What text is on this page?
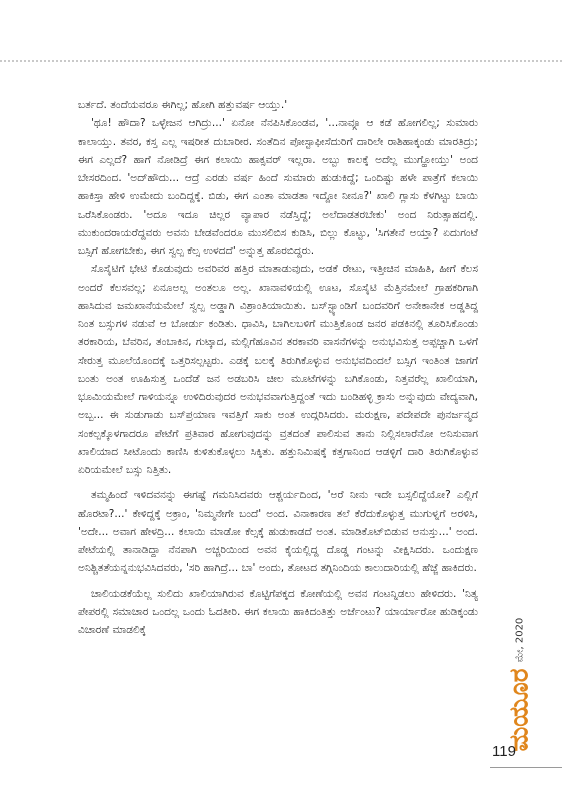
ಬರ್ತದೆ. ತಂದೆಯವರೂ ಈಗಿಲ್ಲ; ಹೋಗಿ ಹತ್ತುವರ್ಷ ಆಯ್ತು.'

'ಥೂ! ಹೌದಾ? ಒಳ್ಳೇಜನ ಆಗಿದ್ರು...' ಏನೋ ನೆನಪಿಸಿಕೊಂಡವ, '...ನಾವ್ಗೂ ಆ ಕಡೆ ಹೋಗಲಿಲ್ಲ; ಸುಮಾರು ಕಾಲಾಯ್ತು. ತವರ, ಕಸ್ತ ಎಲ್ಲ ಇಷರೀತ ದುಬಾರೀರ. ಸಂತೆದಿನ ಪೋಸ್ಟಾಫೀಸೆದುರಿಗೆ ದಾರಿಲೇ ರಾಶಿಹಾಕ್ಕಂಡು ಮಾರತಿದ್ರು; ಈಗ ಎಲ್ಲದೆ? ಹಾಗೆ ನೋಡಿದ್ರೆ ಈಗ ಕಲಾಯಿ ಹಾಕ್ಸವರ್ ಇಲ್ಲರಾ. ಅಬ್ಬು ಕಾಲಕ್ಕೆ ಅದೆಲ್ಲ ಮುಗ್ಹೋಯ್ತು' ಅಂದ ಬೇಸರದಿಂದ. 'ಅದ್‌ಹೌದು... ಆದ್ರೆ ಎರಡು ವರ್ಷ ಹಿಂದೆ ಸುಮಾರು ಹುಡುಕಿದ್ದೆ; ಒಂದಿಷ್ಟು ಹಳೇ ಪಾತ್ರೆಗೆ ಕಲಾಯಿ ಹಾಕಿಸ್ತಾ ಹೇಳಿ ಉಮೇದು ಬಂದಿದ್ದಕ್ಕೆ. ಬಿಡು, ಈಗ ಎಂತಾ ಮಾಡತಾ ಇದ್ದೋ ನೀನೂ?' ಖಾಲಿ ಗ್ಲಾಸು ಕೆಳಗಿಟ್ಟು ಬಾಯಿ ಒರೆಸಿಕೊಂಡರು. 'ಅದೂ ಇದೂ ಚಿಲ್ಲರ ವ್ಯಾಪಾರ ನಡೆಸ್ತಿದ್ದೆ; ಅಲೆದಾಡತರಬೇಕು' ಅಂದ ನಿರುತ್ಸಾಹದಲ್ಲಿ. ಮುಕುಂದರಾಯರೆದ್ದವರು ಅವನು ಬೇಡವೆಂದರೂ ಮುಸಲಿಬಿಸ ಕುಡಿಸಿ, ಬಿಲ್ಲು ಕೊಟ್ಟು, 'ಸಿಗತೇನೆ ಅಯ್ತಾ? ಏದುಗಂಟೆ ಬಸ್ಸಿಗೆ ಹೋಗಬೇಕು, ಈಗ ಸ್ವಲ್ಪ ಕೆಲ್ಸ ಉಳದದೆ' ಅನ್ನುತ್ತ ಹೊರಬಿದ್ದರು.

ಸೊಸೈಟಿಗೆ ಭೇಟಿ ಕೊಡುವುದು ಅವರಿವರ ಹತ್ತಿರ ಮಾತಾಡುವುದು, ಅಡಕೆ ರೇಟು, ಇತ್ತೀಚಿನ ಮಾಹಿತಿ, ಹೀಗೆ ಕೆಲಸ ಅಂದರೆ ಕೆಲಸವಲ್ಲ; ಏನೂಅಲ್ಲ ಅಂತಲೂ ಅಲ್ಲ. ಖಾನಾವಳಿಯಲ್ಲಿ ಊಟ, ಸೊಸೈಟಿ ಮೆತ್ತಿನಮೇಲೆ ಗ್ರಾಹಕರಿಗಾಗಿ ಹಾಸಿದುವ ಜಮಖಾನೆಯಮೇಲೆ ಸ್ವಲ್ಪ ಅಡ್ಡಾಗಿ ವಿಶ್ರಾಂತಿಯಾಯಿತು. ಬಸ್‌ಸ್ಟ್ಯಾಂಡಿಗೆ ಬಂದವರಿಗೆ ಅನೇಕಾನೇಕ ಅಡ್ಡತಿದ್ದ ನಿಂತ ಬಸ್ಸುಗಳ ನಡುವೆ ಆ ಬೋರ್ಡು ಕಂಡಿತು. ಧಾವಿಸಿ, ಬಾಗಿಲಬಳಿಗೆ ಮುತ್ತಿಕೊಂಡ ಜನರ ಪಡಕಿನಲ್ಲಿ ತೂರಿಸಿಕೊಂಡು ತರಕಾರಿಯ, ಬೆವರಿನ, ತಂಬಾಕಿನ, ಗುಟ್ಕಾದ, ಮಲ್ಲಿಗೆಹೂವಿನ ತರಕಾವರಿ ವಾಸನೆಗಳನ್ನು ಅನುಭವಿಸುತ್ತ ಅಪ್ಪಚ್ಚಾಗಿ ಒಳಗೆ ಸೇರುತ್ತ ಮೂಲೆಯೊಂದಕ್ಕೆ ಒತ್ತರಿಸಲ್ಪಟ್ಟರು. ಎಡಕ್ಕೆ ಬಲಕ್ಕೆ ತಿರುಗಿಕೊಳ್ಳುವ ಅನುಭವದಿಂದಲೆ ಬಸ್ಸಿಗ ಇಂತಿಂತ ಜಾಗಗೆ ಬಂತು ಅಂತ ಊಹಿಸುತ್ತ ಒಂದೆಡೆ ಜನ ಅಡಬರಿಸಿ ಚೀಲ ಮೂಟೆಗಳನ್ನು ಬಗಿಕೊಂಡು, ನಿತ್ತವರೆಲ್ಲ ಖಾಲಿಯಾಗಿ, ಭೂಮಿಯಮೇಲೆ ಗಾಳಿಯನ್ನೂ ಉಳಿದಿರುವುದರ ಅನುಭವವಾಗುತ್ತಿದ್ದಂತೆ ಇದು ಬಂಡಿಹಳ್ಳಿ ಕ್ರಾಸು ಅನ್ನುವುದು ವೇದ್ಯವಾಗಿ, ಅಬ್ಬ... ಈ ಸುಡುಗಾಡು ಬಸ್‌ಪ್ರಯಾಣ ಇವತ್ತಿಗೆ ಸಾಕು ಅಂತ ಉದ್ಗರಿಸಿದರು. ಮರುಕ್ಷಣ, ಪದೇಪದೇ ಪುನರ್ಜನ್ಮದ ಸಂಕಲ್ಪಕ್ಕೊಳಗಾದರೂ ಪೇಟೆಗೆ ಪ್ರತಿವಾರ ಹೋಗುವುದನ್ನು ವ್ರತದಂತೆ ಪಾಲಿಸುವ ತಾನು ನಿಲ್ಲಿಸಲಾರೆನೋ ಅನಿಸುವಾಗ ಖಾಲಿಯಾದ ಸೀಟೊಂದು ಕಾಣಿಸಿ ಕುಳಿತುಕೊಳ್ಳಲು ಸಿಕ್ಕಿತು. ಹತ್ತುನಿಮಿಷಕ್ಕೆ ಕತ್ತಗಾನಿಂದ ಆಡಳ್ಳಿಗೆ ದಾರಿ ತಿರುಗಿಕೊಳ್ಳುವ ಏರಿಯಮೇಲೆ ಬಸ್ಸು ನಿತ್ತಿತು.

ತಮ್ಮಹಿಂದೆ ಇಳಿದವನನ್ನು ಈಗಷ್ಟೆ ಗಮನಿಸಿದವರು ಆಶ್ಚರ್ಯದಿಂದ, 'ಅರೆ ನೀನು ಇದೇ ಬಸ್ಸಲಿದ್ದೆಯೋ? ಎಲ್ಲಿಗೆ ಹೊರಟಾ?...' ಕೇಳಿದ್ದಕ್ಕೆ ಅಕ್ರಾಂ, 'ನಿಮ್ಮನೇಗೇ ಬಂದೆ' ಅಂದ. ವಿನಾಕಾರಣ ತಲೆ ಕೆರೆದುಕೊಳ್ಳುತ್ತ ಮುಗುಳ್ನಗೆ ಅರಳಿಸಿ, 'ಅದೇ... ಅವಾಗ ಹೇಳದ್ರಿ... ಕಲಾಯಿ ಮಾಡೋ ಕೆಲ್ಸಕ್ಕೆ ಹುಡುಕಾಡದೆ ಅಂತ. ಮಾಡಿಕೊಟ್‌ಬಿಡುವ ಅನುಸ್ತು...' ಅಂದ. ಪೇಟೆಯಲ್ಲಿ ತಾನಾಡಿದ್ದಾ ನೆನಪಾಗಿ ಅಚ್ಚರಿಯಿಂದ ಅವನ ಕೈಯಲ್ಲಿದ್ದ ದೊಡ್ಡ ಗಂಟನ್ನು ವೀಕ್ಷಿಸಿದರು. ಒಂದುಕ್ಷಣ ಅನಿಶ್ಚಿತತೆಯನ್ನನುಭವಿಸಿದವರು, 'ಸರಿ ಹಾಗಿದ್ರೆ... ಬಾ' ಅಂದು, ತೋಟದ ತಗ್ಗಿನಿಂದಿಯ ಕಾಲುದಾರಿಯಲ್ಲಿ ಹೆಜ್ಜೆ ಹಾಕಿದರು.

ಚಾಲಿಯಡಕೆಯೆಲ್ಲ ಸುಲಿದು ಖಾಲಿಯಾಗಿರುವ ಕೊಟ್ಟಿಗೆಪಕ್ಕದ ಕೋಣೆಯಲ್ಲಿ ಅವನ ಗಂಟನ್ನಿಡಲು ಹೇಳಿದರು. 'ನಿತ್ಯ ಪೇಪರಲ್ಲಿ ಸಮಾಚಾರ ಒಂದಲ್ಲ ಒಂದು ಓದತೀರಿ. ಈಗ ಕಲಾಯಿ ಹಾಕಿದಂತಿತ್ತು ಅರ್ಜೆಂಟು? ಯಾರ್ಯಾರೋ ಹುಡಿಕ್ಕಂಡು ವಿಚಾರಣೆ ಮಾಡಲಿಕ್ಕೆ	ಮೇ, 2020
ಮಯೂರ
119
